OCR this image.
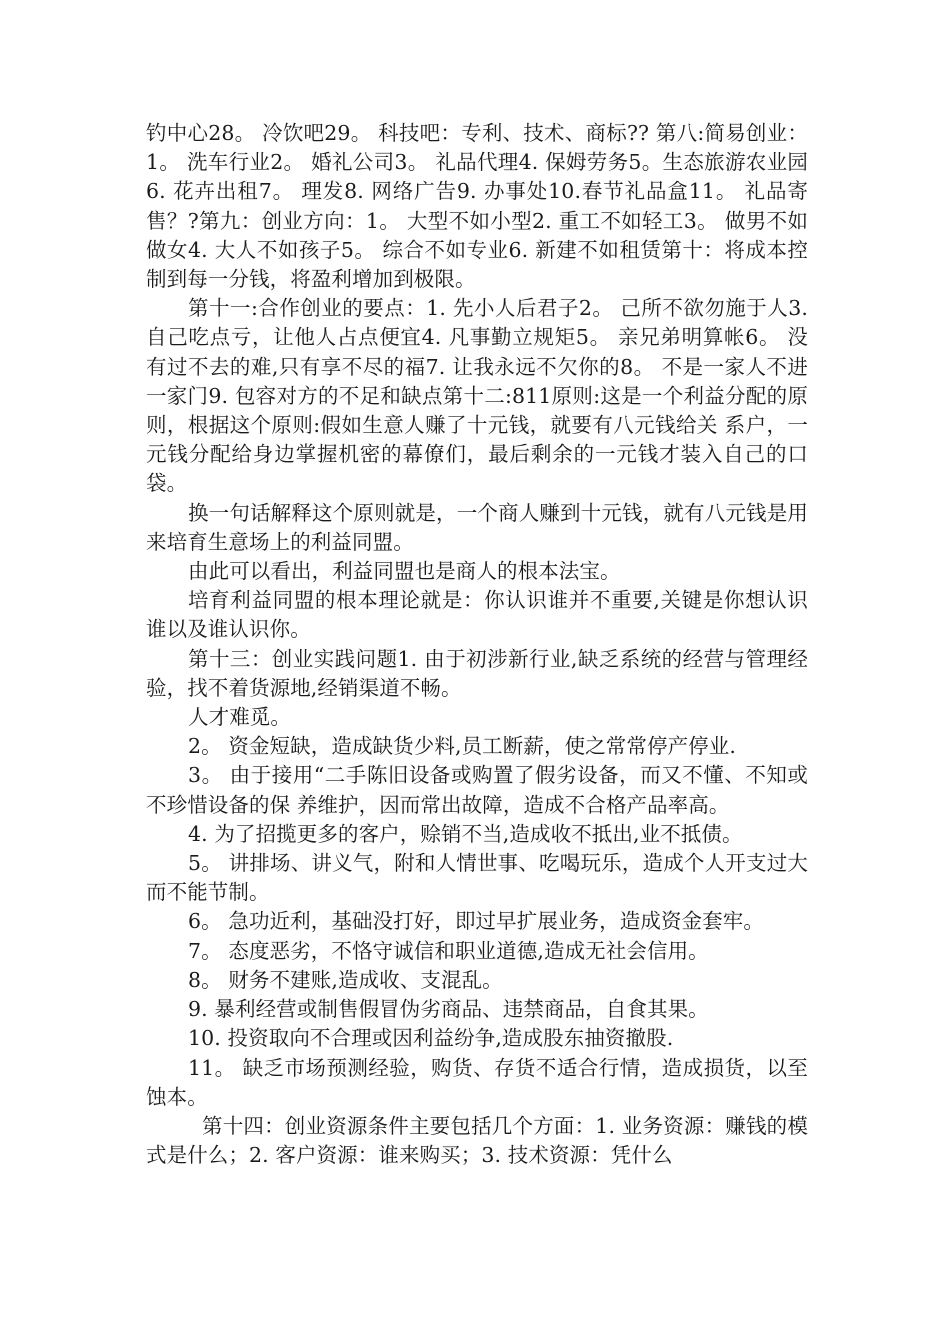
钓中心28。 冷饮吧29。 科技吧：专利、技术、商标?? 第八:简易创业：1。 洗车行业2。 婚礼公司3。 礼品代理4. 保姆劳务5。生态旅游农业园6. 花卉出租7。 理发8. 网络广告9. 办事处10.春节礼品盒11。 礼品寄售？?第九：创业方向：1。 大型不如小型2. 重工不如轻工3。 做男不如做女4. 大人不如孩子5。 综合不如专业6. 新建不如租赁第十：将成本控制到每一分钱，将盈利增加到极限。

第十一:合作创业的要点：1. 先小人后君子2。 己所不欲勿施于人3. 自己吃点亏，让他人占点便宜4. 凡事勤立规矩5。 亲兄弟明算帐6。 没有过不去的难,只有享不尽的福7. 让我永远不欠你的8。 不是一家人不进一家门9. 包容对方的不足和缺点第十二:811原则:这是一个利益分配的原则，根据这个原则:假如生意人赚了十元钱，就要有八元钱给关 系户，一元钱分配给身边掌握机密的幕僚们，最后剩余的一元钱才装入自己的口袋。

换一句话解释这个原则就是，一个商人赚到十元钱，就有八元钱是用来培育生意场上的利益同盟。

由此可以看出，利益同盟也是商人的根本法宝。

培育利益同盟的根本理论就是：你认识谁并不重要,关键是你想认识谁以及谁认识你。

第十三：创业实践问题1. 由于初涉新行业,缺乏系统的经营与管理经验，找不着货源地,经销渠道不畅。

人才难觅。

2。 资金短缺，造成缺货少料,员工断薪，使之常常停产停业.

3。 由于接用“二手陈旧设备或购置了假劣设备，而又不懂、不知或不珍惜设备的保 养维护，因而常出故障，造成不合格产品率高。

4. 为了招揽更多的客户，赊销不当,造成收不抵出,业不抵债。

5。 讲排场、讲义气，附和人情世事、吃喝玩乐，造成个人开支过大而不能节制。

6。 急功近利，基础没打好，即过早扩展业务，造成资金套牢。

7。 态度恶劣，不恪守诚信和职业道德,造成无社会信用。

8。 财务不建账,造成收、支混乱。

9. 暴利经营或制售假冒伪劣商品、违禁商品，自食其果。

10. 投资取向不合理或因利益纷争,造成股东抽资撤股.

11。 缺乏市场预测经验，购货、存货不适合行情，造成损货，以至蚀本。

第十四：创业资源条件主要包括几个方面：1. 业务资源：赚钱的模式是什么；2. 客户资源：谁来购买；3. 技术资源：凭什么
